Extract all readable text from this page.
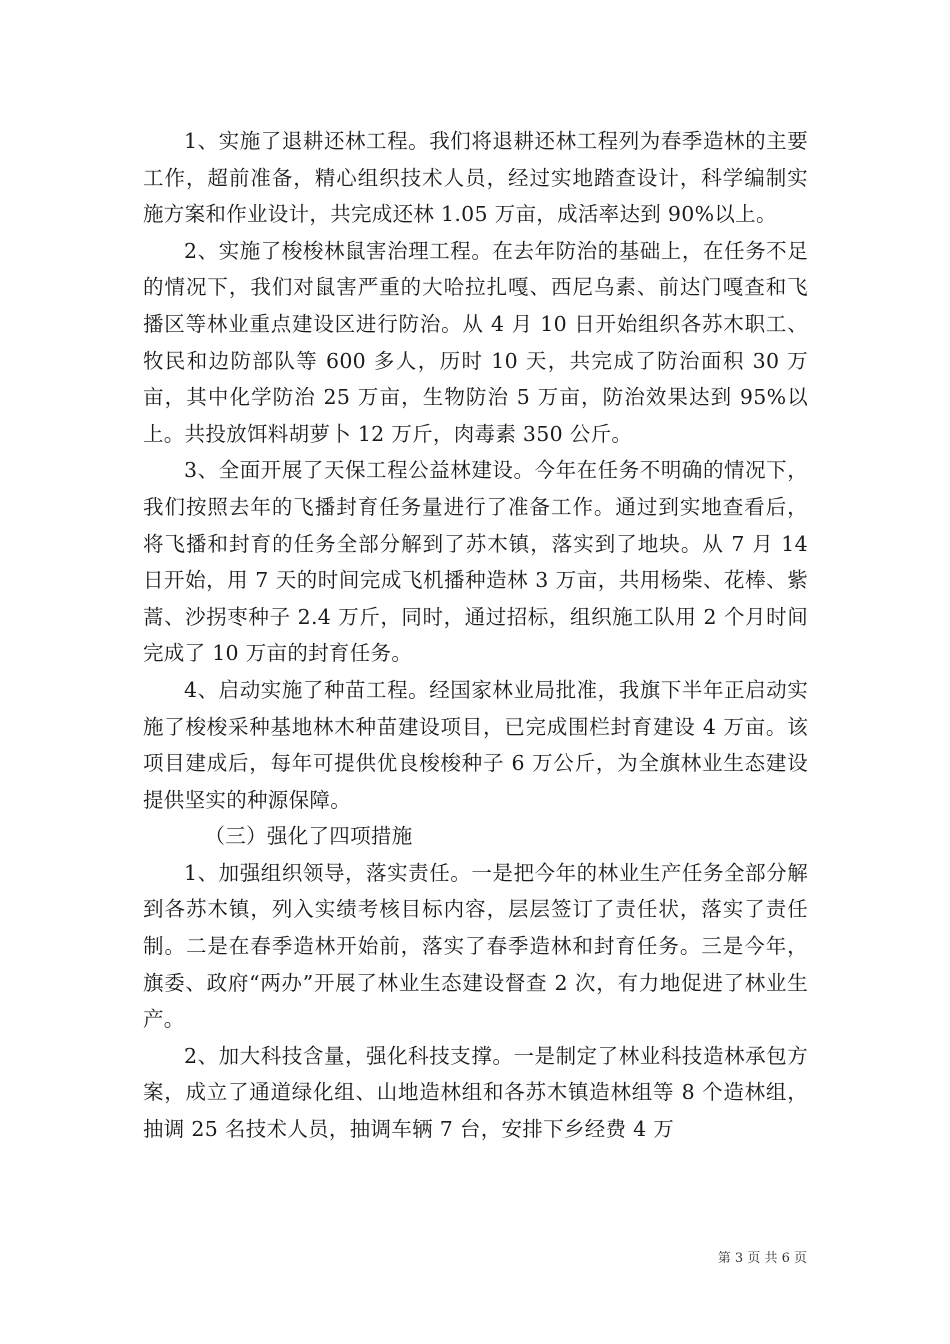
1、实施了退耕还林工程。我们将退耕还林工程列为春季造林的主要工作，超前准备，精心组织技术人员，经过实地踏查设计，科学编制实施方案和作业设计，共完成还林 1.05 万亩，成活率达到 90%以上。

2、实施了梭梭林鼠害治理工程。在去年防治的基础上，在任务不足的情况下，我们对鼠害严重的大哈拉扎嘎、西尼乌素、前达门嘎查和飞播区等林业重点建设区进行防治。从 4 月 10 日开始组织各苏木职工、牧民和边防部队等 600 多人，历时 10 天，共完成了防治面积 30 万亩，其中化学防治 25 万亩，生物防治 5 万亩，防治效果达到 95%以上。共投放饵料胡萝卜 12 万斤，肉毒素 350 公斤。

3、全面开展了天保工程公益林建设。今年在任务不明确的情况下，我们按照去年的飞播封育任务量进行了准备工作。通过到实地查看后，将飞播和封育的任务全部分解到了苏木镇，落实到了地块。从 7 月 14 日开始，用 7 天的时间完成飞机播种造林 3 万亩，共用杨柴、花棒、紫蒿、沙拐枣种子 2.4 万斤，同时，通过招标，组织施工队用 2 个月时间完成了 10 万亩的封育任务。

4、启动实施了种苗工程。经国家林业局批准，我旗下半年正启动实施了梭梭采种基地林木种苗建设项目，已完成围栏封育建设 4 万亩。该项目建成后，每年可提供优良梭梭种子 6 万公斤，为全旗林业生态建设提供坚实的种源保障。

（三）强化了四项措施

1、加强组织领导，落实责任。一是把今年的林业生产任务全部分解到各苏木镇，列入实绩考核目标内容，层层签订了责任状，落实了责任制。二是在春季造林开始前，落实了春季造林和封育任务。三是今年，旗委、政府“两办”开展了林业生态建设督查 2 次，有力地促进了林业生产。

2、加大科技含量，强化科技支撑。一是制定了林业科技造林承包方案，成立了通道绿化组、山地造林组和各苏木镇造林组等 8 个造林组，抽调 25 名技术人员，抽调车辆 7 台，安排下乡经费 4 万

第 3 页 共 6 页
